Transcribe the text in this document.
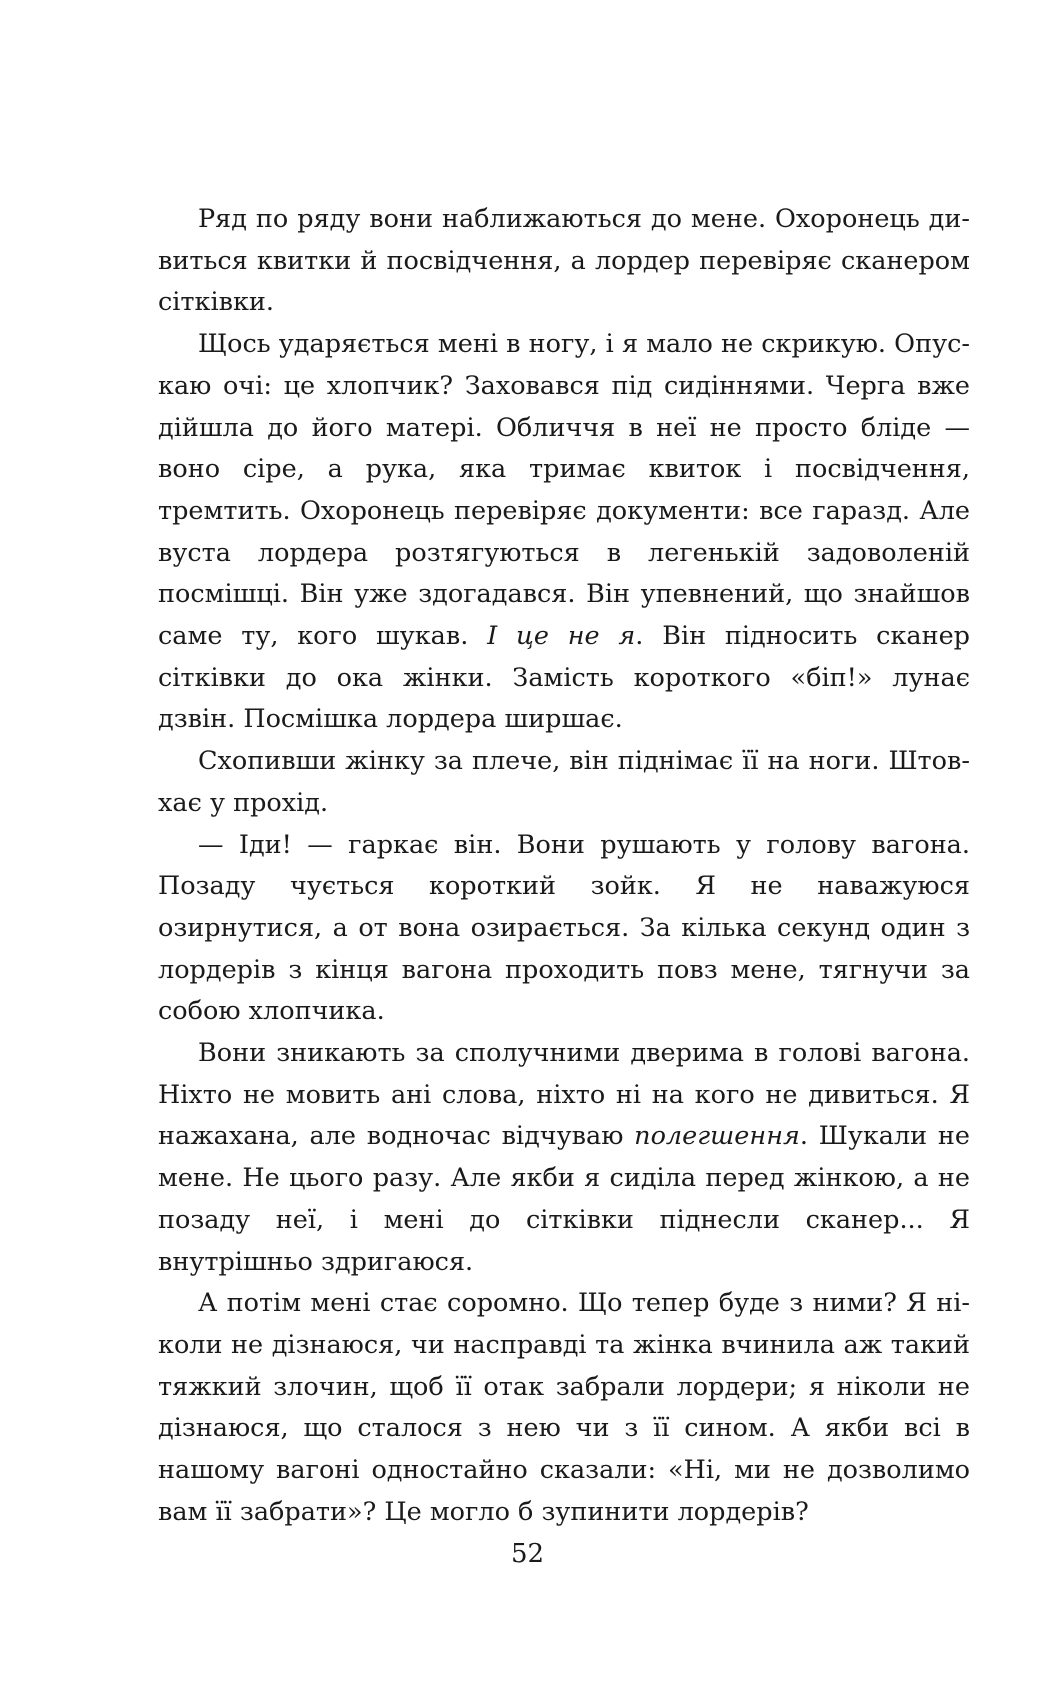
Ряд по ряду вони наближаються до мене. Охоронець дивиться квитки й посвідчення, а лордер перевіряє сканером сітківки.

Щось ударяється мені в ногу, і я мало не скрикую. Опускаю очі: це хлопчик? Заховався під сидіннями. Черга вже дійшла до його матері. Обличчя в неї не просто бліде — воно сіре, а рука, яка тримає квиток і посвідчення, тремтить. Охоронець перевіряє документи: все гаразд. Але вуста лордера розтягуються в легенькій задоволеній посмішці. Він уже здогадався. Він упевнений, що знайшов саме ту, кого шукав. І це не я. Він підносить сканер сітківки до ока жінки. Замість короткого «біп!» лунає дзвін. Посмішка лордера ширшає.

Схопивши жінку за плече, він піднімає її на ноги. Штовхає у прохід.

— Іди! — гаркає він. Вони рушають у голову вагона. Позаду чується короткий зойк. Я не наважуюся озирнутися, а от вона озирається. За кілька секунд один з лордерів з кінця вагона проходить повз мене, тягнучи за собою хлопчика.

Вони зникають за сполучними дверима в голові вагона. Ніхто не мовить ані слова, ніхто ні на кого не дивиться. Я нажахана, але водночас відчуваю полегшення. Шукали не мене. Не цього разу. Але якби я сиділа перед жінкою, а не позаду неї, і мені до сітківки піднесли сканер... Я внутрішньо здригаюся.

А потім мені стає соромно. Що тепер буде з ними? Я ніколи не дізнаюся, чи насправді та жінка вчинила аж такий тяжкий злочин, щоб її отак забрали лордери; я ніколи не дізнаюся, що сталося з нею чи з її сином. А якби всі в нашому вагоні одностайно сказали: «Ні, ми не дозволимо вам її забрати»? Це могло б зупинити лордерів?

52
